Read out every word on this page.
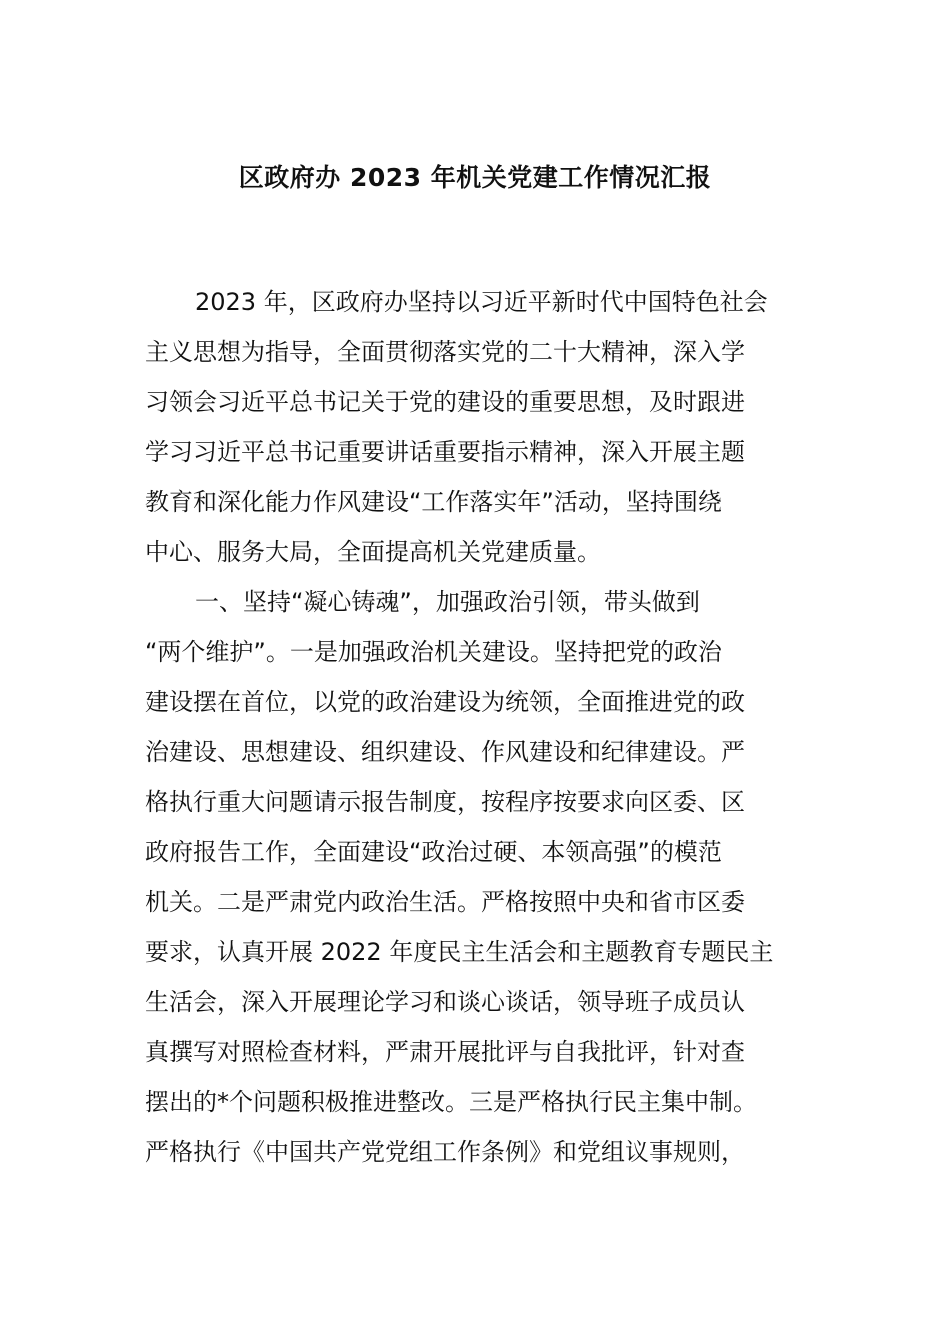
区政府办 2023 年机关党建工作情况汇报
2023 年，区政府办坚持以习近平新时代中国特色社会
主义思想为指导，全面贯彻落实党的二十大精神，深入学
习领会习近平总书记关于党的建设的重要思想，及时跟进
学习习近平总书记重要讲话重要指示精神，深入开展主题
教育和深化能力作风建设“工作落实年”活动，坚持围绕
中心、服务大局，全面提高机关党建质量。
一、坚持“凝心铸魂”，加强政治引领，带头做到
“两个维护”。一是加强政治机关建设。坚持把党的政治
建设摆在首位，以党的政治建设为统领，全面推进党的政
治建设、思想建设、组织建设、作风建设和纪律建设。严
格执行重大问题请示报告制度，按程序按要求向区委、区
政府报告工作，全面建设“政治过硬、本领高强”的模范
机关。二是严肃党内政治生活。严格按照中央和省市区委
要求，认真开展 2022 年度民主生活会和主题教育专题民主
生活会，深入开展理论学习和谈心谈话，领导班子成员认
真撰写对照检查材料，严肃开展批评与自我批评，针对查
摆出的*个问题积极推进整改。三是严格执行民主集中制。
严格执行《中国共产党党组工作条例》和党组议事规则，
